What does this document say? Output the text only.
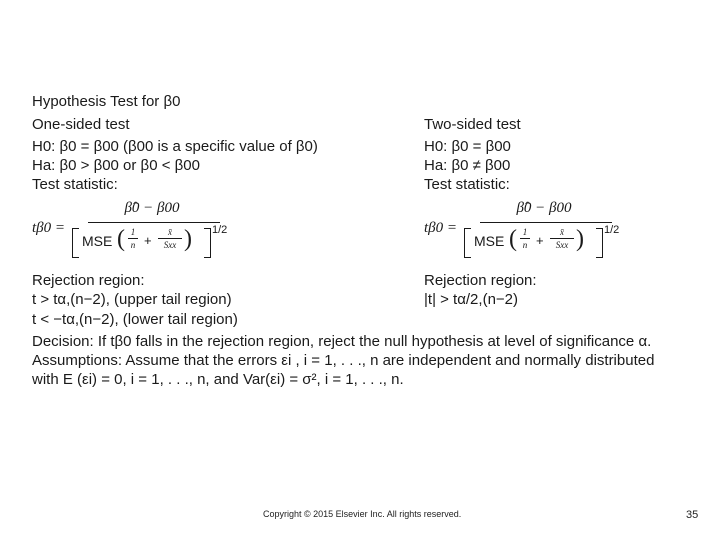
Hypothesis Test for β0
One-sided test
H0: β0 = β00 (β00 is a specific value of β0)
Ha: β0 > β00 or β0 < β00
Test statistic:
tβ0 =
β̂0 − β00
MSE ( 1
n +
x̄
Sxx ) 1/2
Rejection region:
t > tα,(n−2), (upper tail region)
t < −tα,(n−2), (lower tail region)
Two-sided test
H0: β0 = β00
Ha: β0 ≠ β00
Test statistic:
tβ0 =
β̂0 − β00
MSE ( 1
n +
x̄
Sxx ) 1/2
Rejection region:
|t| > tα/2,(n−2)
Decision: If tβ0 falls in the rejection region, reject the null hypothesis at level of significance α.
Assumptions: Assume that the errors εi , i = 1, . . ., n are independent and normally distributed
with E (εi) = 0, i = 1, . . ., n, and Var(εi) = σ², i = 1, . . ., n.
Copyright © 2015 Elsevier Inc. All rights reserved.	35
